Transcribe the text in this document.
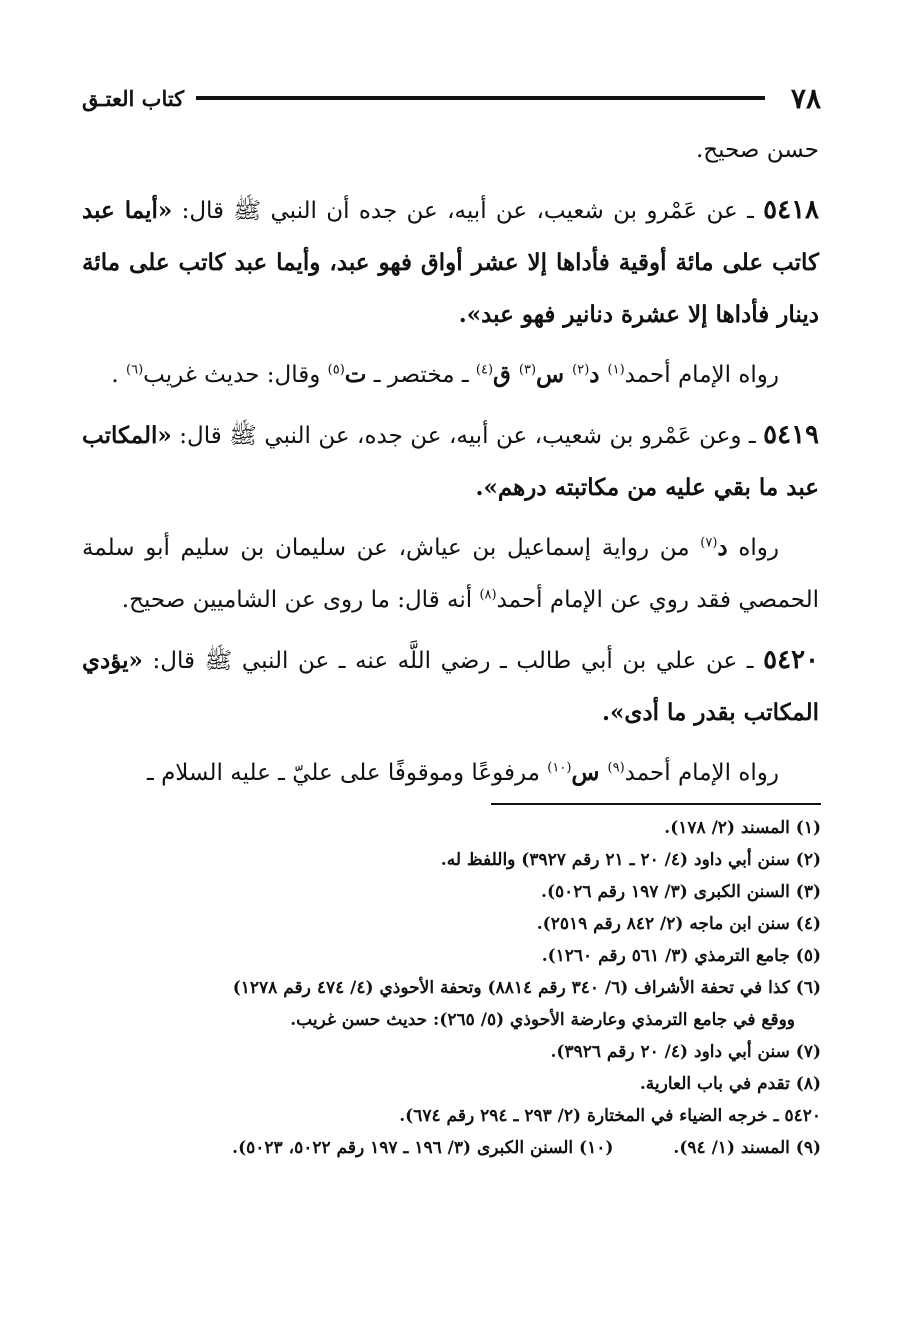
٧٨
كتاب العتـق

حسن صحيح.

٥٤١٨ ـ عن عَمْرو بن شعيب، عن أبيه، عن جده أن النبي ﷺ قال: «أيما عبد كاتب على مائة أوقية فأداها إلا عشر أواق فهو عبد، وأيما عبد كاتب على مائة دينار فأداها إلا عشرة دنانير فهو عبد».

رواه الإمام أحمد$^{(١)}$ د$^{(٢)}$ س$^{(٣)}$ ق$^{(٤)}$ ـ مختصر ـ ت$^{(٥)}$ وقال: حديث غريب$^{(٦)}$ .

٥٤١٩ ـ وعن عَمْرو بن شعيب، عن أبيه، عن جده، عن النبي ﷺ قال: «المكاتب عبد ما بقي عليه من مكاتبته درهم».

رواه د$^{(٧)}$ من رواية إسماعيل بن عياش، عن سليمان بن سليم أبو سلمة الحمصي فقد روي عن الإمام أحمد$^{(٨)}$ أنه قال: ما روى عن الشاميين صحيح.

٥٤٢٠ ـ عن علي بن أبي طالب ـ رضي اللَّه عنه ـ عن النبي ﷺ قال: «يؤدي المكاتب بقدر ما أدى».

رواه الإمام أحمد$^{(٩)}$ س$^{(١٠)}$ مرفوعًا وموقوفًا على عليّ ـ عليه السلام ـ

(١) المسند (٢/ ١٧٨).

(٢) سنن أبي داود (٤/ ٢٠ ـ ٢١ رقم ٣٩٢٧) واللفظ له.

(٣) السنن الكبرى (٣/ ١٩٧ رقم ٥٠٢٦).

(٤) سنن ابن ماجه (٢/ ٨٤٢ رقم ٢٥١٩).

(٥) جامع الترمذي (٣/ ٥٦١ رقم ١٢٦٠).

(٦) كذا في تحفة الأشراف (٦/ ٣٤٠ رقم ٨٨١٤) وتحفة الأحوذي (٤/ ٤٧٤ رقم ١٢٧٨)

ووقع في جامع الترمذي وعارضة الأحوذي (٥/ ٢٦٥): حديث حسن غريب.

(٧) سنن أبي داود (٤/ ٢٠ رقم ٣٩٢٦).

(٨) تقدم في باب العارية.

٥٤٢٠ ـ خرجه الضياء في المختارة (٢/ ٢٩٣ ـ ٢٩٤ رقم ٦٧٤).

(٩) المسند (١/ ٩٤).
(١٠) السنن الكبرى (٣/ ١٩٦ ـ ١٩٧ رقم ٥٠٢٢، ٥٠٢٣).
